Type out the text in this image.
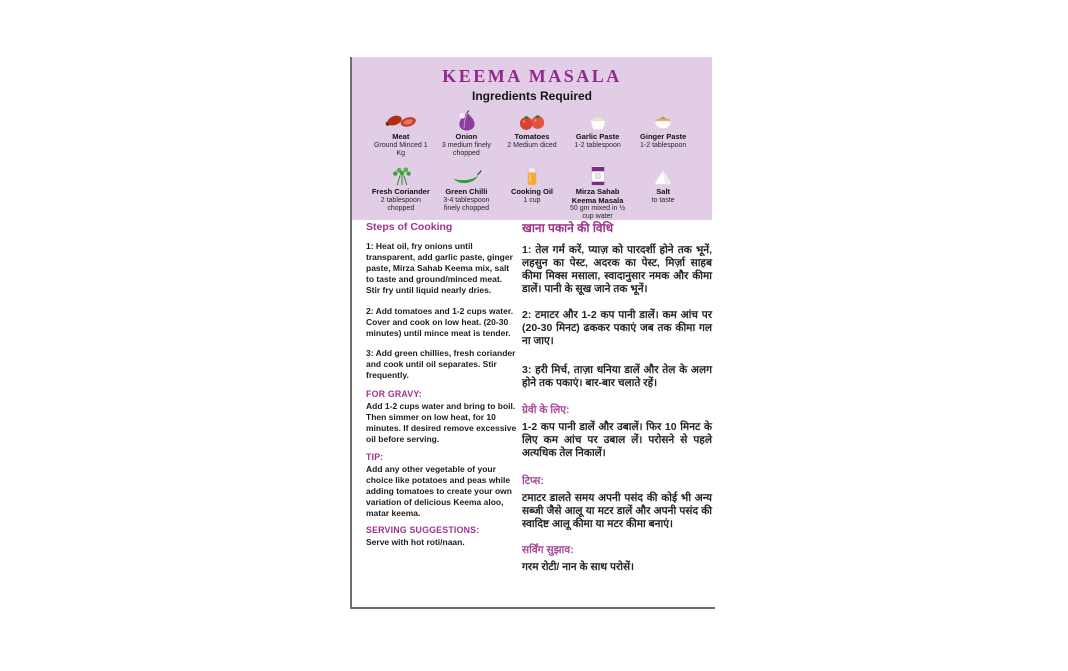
KEEMA MASALA
Ingredients Required
Meat
Ground Minced 1 Kg
Onion
3 medium finely chopped
Tomatoes
2 Medium diced
Garlic Paste
1-2 tablespoon
Ginger Paste
1-2 tablespoon
Fresh Coriander
2 tablespoon chopped
Green Chilli
3-4 tablespoon finely chopped
Cooking Oil
1 cup
Mirza Sahab Keema Masala
50 gm mixed in ½ cup water
Salt
to taste
Steps of Cooking

1: Heat oil, fry onions until transparent, add garlic paste, ginger paste, Mirza Sahab Keema mix, salt to taste and ground/minced meat. Stir fry until liquid nearly dries.

2: Add tomatoes and 1-2 cups water. Cover and cook on low heat. (20-30 minutes) until mince meat is tender.

3: Add green chillies, fresh coriander and cook until oil separates. Stir frequently.

FOR GRAVY:

Add 1-2 cups water and bring to boil. Then simmer on low heat, for 10 minutes. If desired remove excessive oil before serving.

TIP:

Add any other vegetable of your choice like potatoes and peas while adding tomatoes to create your own variation of delicious Keema aloo, matar keema.

SERVING SUGGESTIONS:

Serve with hot roti/naan.

खाना पकाने की विधि

1: तेल गर्म करें, प्याज़ को पारदर्शी होने तक भूनें, लहसुन का पेस्ट, अदरक का पेस्ट, मिर्ज़ा साहब कीमा मिक्स मसाला, स्वादानुसार नमक और कीमा डालें। पानी के सूख जाने तक भूनें।

2: टमाटर और 1-2 कप पानी डालें। कम आंच पर (20-30 मिनट) ढककर पकाएं जब तक कीमा गल ना जाए।

3: हरी मिर्च, ताज़ा धनिया डालें और तेल के अलग होने तक पकाएं। बार-बार चलाते रहें।

ग्रेवी के लिए:

1-2 कप पानी डालें और उबालें। फिर 10 मिनट के लिए कम आंच पर उबाल लें। परोसने से पहले अत्यधिक तेल निकालें।

टिप्स:

टमाटर डालते समय अपनी पसंद की कोई भी अन्य सब्जी जैसे आलू या मटर डालें और अपनी पसंद की स्वादिष्ट आलू कीमा या मटर कीमा बनाएं।

सर्विंग सुझाव:

गरम रोटी/ नान के साथ परोसें।
